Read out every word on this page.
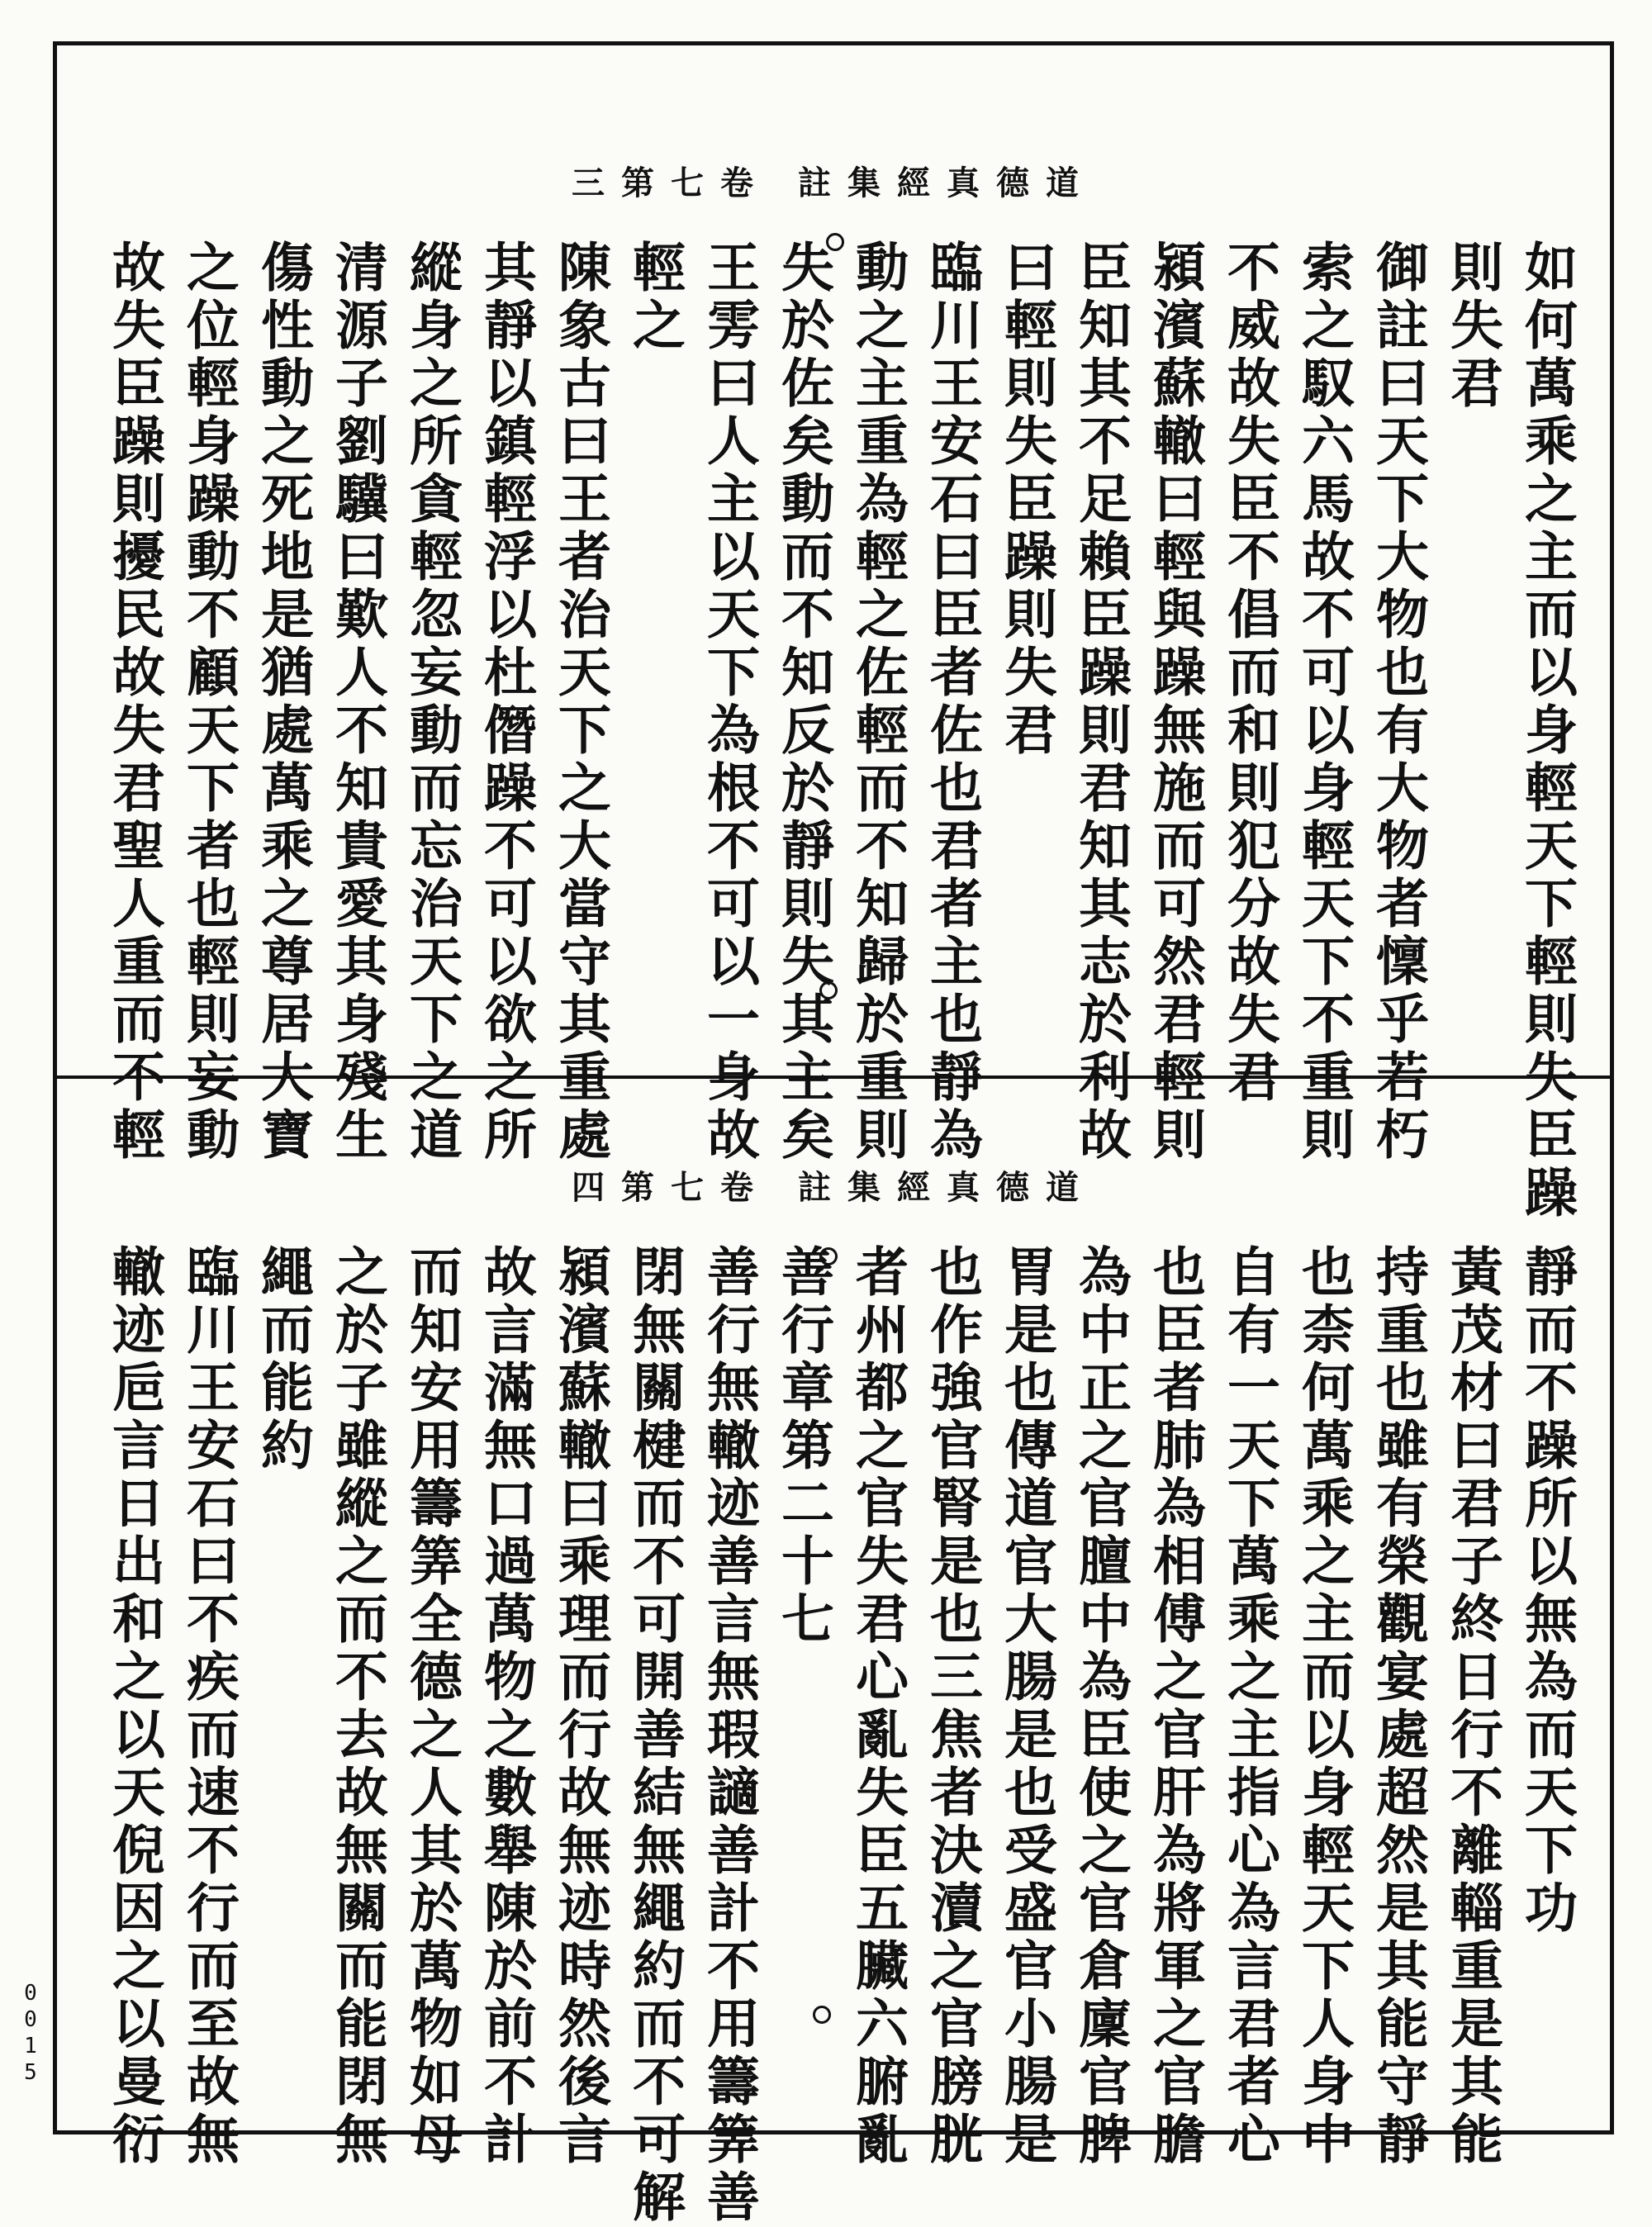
三第七卷 註集經真德道
如何萬乘之主而以身輕天下輕則失臣躁
則失君
御註曰天下大物也有大物者懍乎若朽
索之馭六馬故不可以身輕天下不重則
不威故失臣不倡而和則犯分故失君
潁濱蘇轍曰輕與躁無施而可然君輕則
臣知其不足賴臣躁則君知其志於利故
曰輕則失臣躁則失君
臨川王安石曰臣者佐也君者主也靜為
動之主重為輕之佐輕而不知歸於重則
失於佐矣動而不知反於靜則失其主矣
王雱曰人主以天下為根不可以一身故
輕之
陳象古曰王者治天下之大當守其重處
其靜以鎮輕浮以杜僭躁不可以欲之所
縱身之所貪輕忽妄動而忘治天下之道
清源子劉驥曰歎人不知貴愛其身殘生
傷性動之死地是猶處萬乘之尊居大寶
之位輕身躁動不顧天下者也輕則妄動
故失臣躁則擾民故失君聖人重而不輕
四第七卷 註集經真德道
靜而不躁所以無為而天下功
黃茂材曰君子終日行不離輜重是其能
持重也雖有榮觀宴處超然是其能守靜
也柰何萬乘之主而以身輕天下人身中
自有一天下萬乘之主指心為言君者心
也臣者肺為相傅之官肝為將軍之官膽
為中正之官膻中為臣使之官倉廩官脾
胃是也傳道官大腸是也受盛官小腸是
也作強官腎是也三焦者決瀆之官膀胱
者州都之官失君心亂失臣五臟六腑亂
善行章第二十七
善行無轍迹善言無瑕讁善計不用籌筭善
閉無關楗而不可開善結無繩約而不可解
潁濱蘇轍曰乘理而行故無迹時然後言
故言滿無口過萬物之數舉陳於前不計
而知安用籌筭全德之人其於萬物如母
之於子雖縱之而不去故無關而能閉無
繩而能約
臨川王安石曰不疾而速不行而至故無
轍迹巵言日出和之以天倪因之以曼衍
0015
